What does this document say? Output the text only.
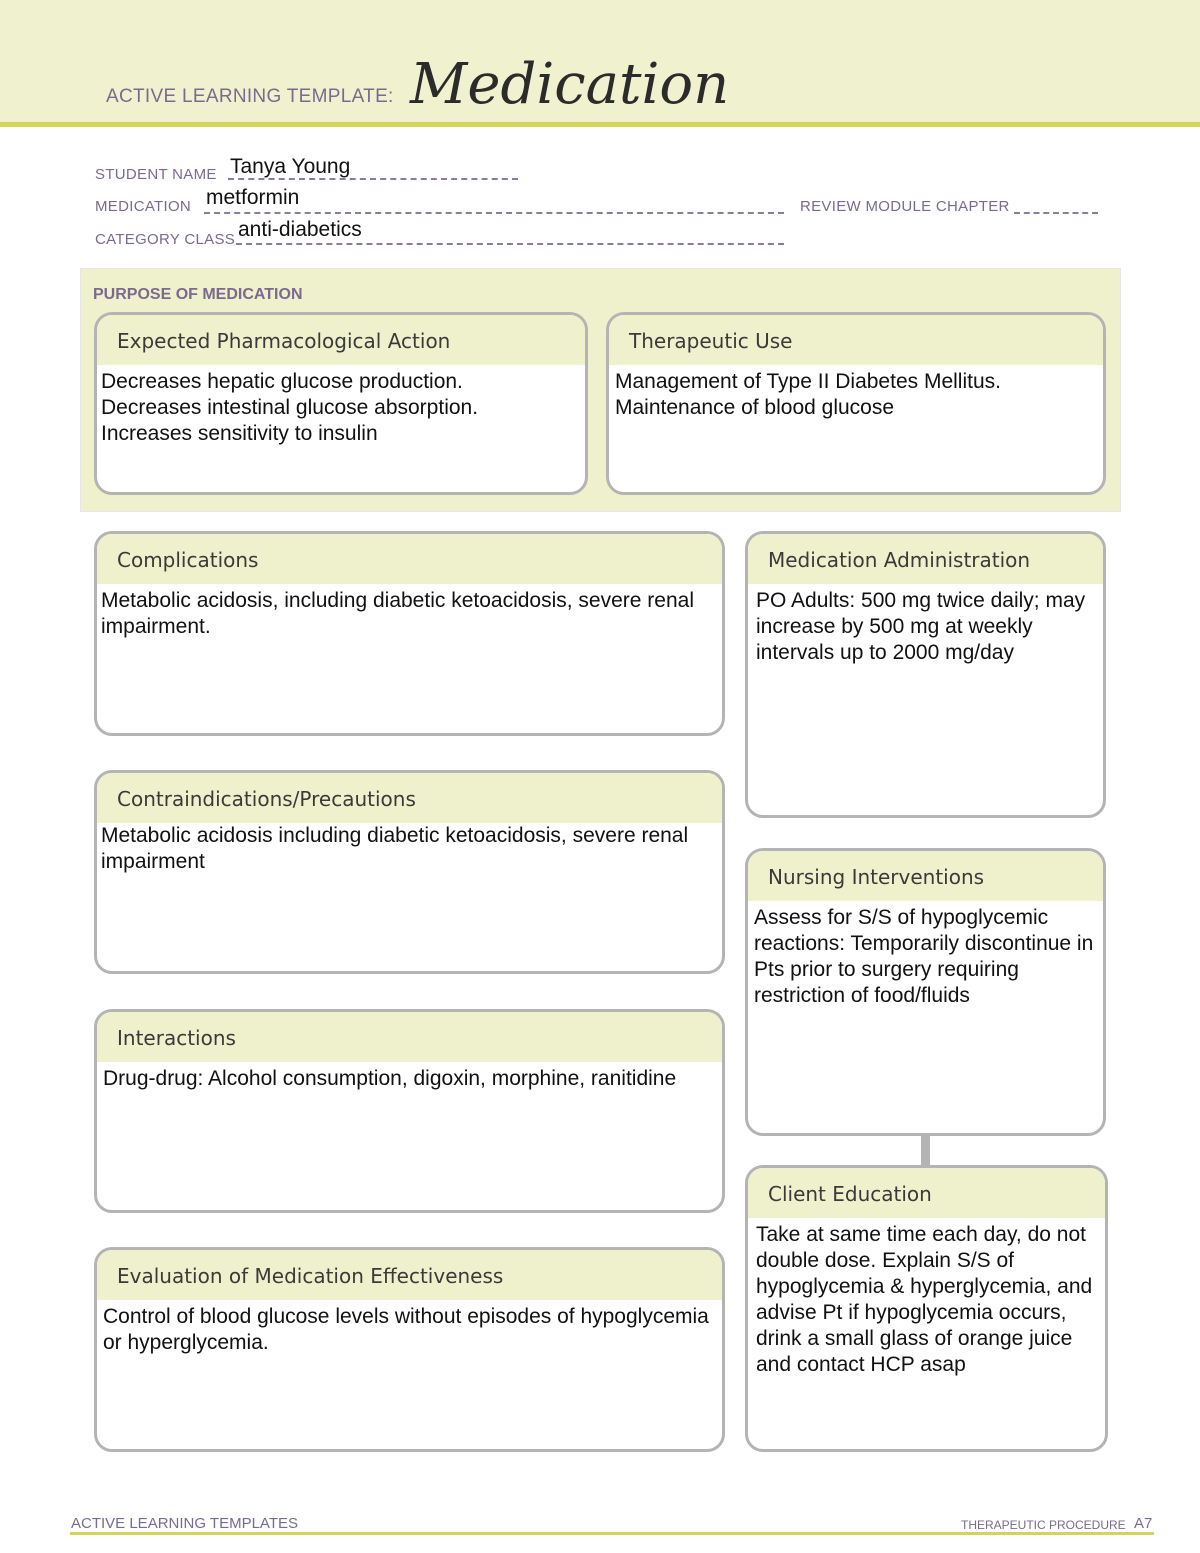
ACTIVE LEARNING TEMPLATE: Medication
STUDENT NAME Tanya Young
MEDICATION metformin	REVIEW MODULE CHAPTER
CATEGORY CLASS anti-diabetics
PURPOSE OF MEDICATION
Expected Pharmacological Action
Decreases hepatic glucose production.
Decreases intestinal glucose absorption.
Increases sensitivity to insulin
Therapeutic Use
Management of Type II Diabetes Mellitus.
Maintenance of blood glucose
Complications
Metabolic acidosis, including diabetic ketoacidosis, severe renal impairment.
Medication Administration
PO Adults: 500 mg twice daily; may increase by 500 mg at weekly intervals up to 2000 mg/day
Contraindications/Precautions
Metabolic acidosis including diabetic ketoacidosis, severe renal impairment
Nursing Interventions
Assess for S/S of hypoglycemic reactions: Temporarily discontinue in Pts prior to surgery requiring restriction of food/fluids
Interactions
Drug-drug: Alcohol consumption, digoxin, morphine, ranitidine
Client Education
Take at same time each day, do not double dose. Explain S/S of hypoglycemia & hyperglycemia, and advise Pt if hypoglycemia occurs, drink a small glass of orange juice and contact HCP asap
Evaluation of Medication Effectiveness
Control of blood glucose levels without episodes of hypoglycemia or hyperglycemia.
ACTIVE LEARNING TEMPLATES	THERAPEUTIC PROCEDURE A7
